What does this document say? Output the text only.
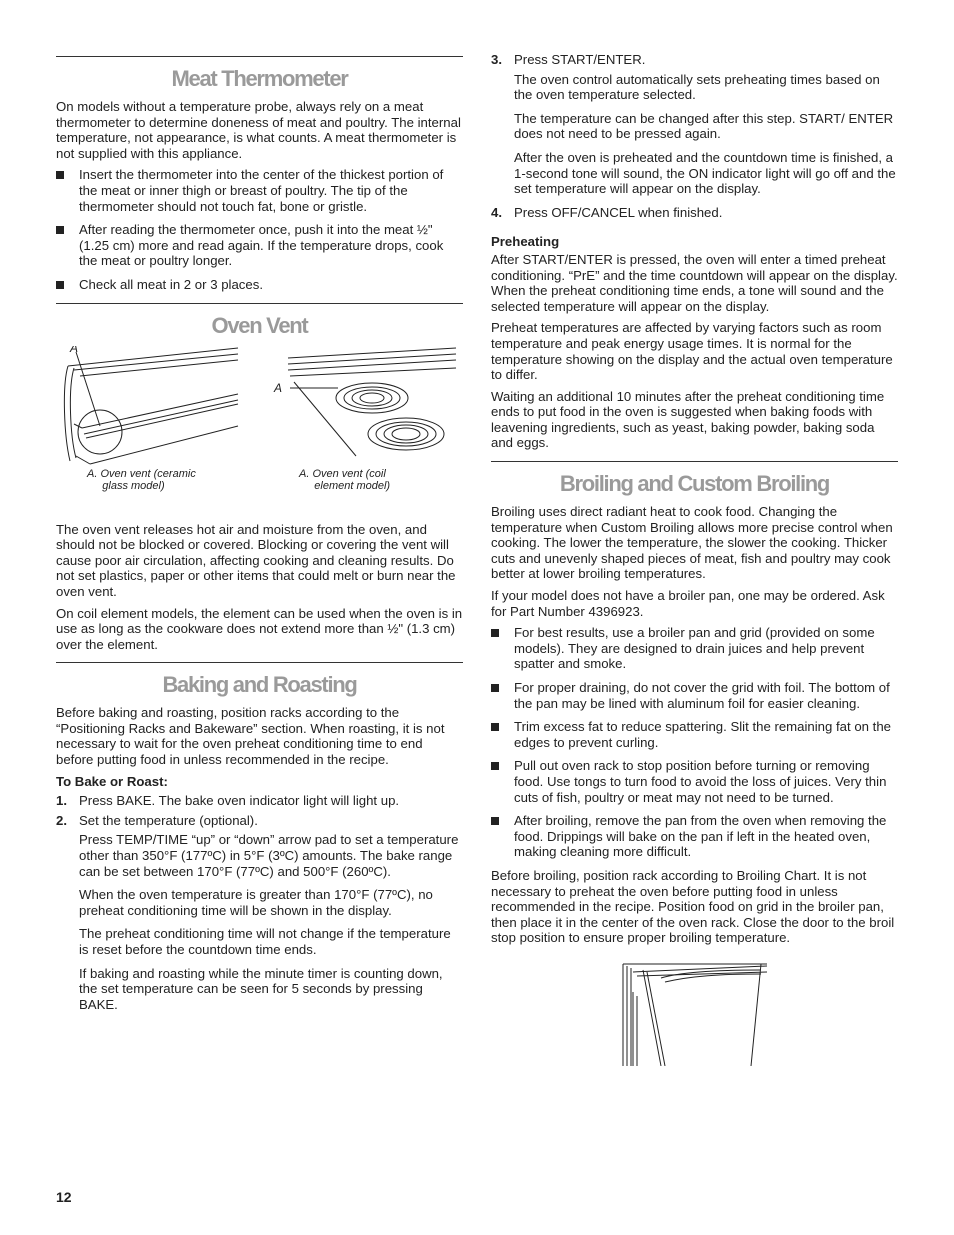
Meat Thermometer

On models without a temperature probe, always rely on a meat thermometer to determine doneness of meat and poultry. The internal temperature, not appearance, is what counts. A meat thermometer is not supplied with this appliance.

Insert the thermometer into the center of the thickest portion of the meat or inner thigh or breast of poultry. The tip of the thermometer should not touch fat, bone or gristle.
After reading the thermometer once, push it into the meat ½" (1.25 cm) more and read again. If the temperature drops, cook the meat or poultry longer.
Check all meat in 2 or 3 places.
Oven Vent
A
A
A. Oven vent (ceramic
glass model)
A. Oven vent (coil
element model)

The oven vent releases hot air and moisture from the oven, and should not be blocked or covered. Blocking or covering the vent will cause poor air circulation, affecting cooking and cleaning results. Do not set plastics, paper or other items that could melt or burn near the oven vent.

On coil element models, the element can be used when the oven is in use as long as the cookware does not extend more than ½" (1.3 cm) over the element.

Baking and Roasting

Before baking and roasting, position racks according to the “Positioning Racks and Bakeware” section. When roasting, it is not necessary to wait for the oven preheat conditioning time to end before putting food in unless recommended in the recipe.

To Bake or Roast:

1. Press BAKE. The bake oven indicator light will light up.
2. Set the temperature (optional).

Press TEMP/TIME “up” or “down” arrow pad to set a temperature other than 350°F (177ºC) in 5°F (3ºC) amounts. The bake range can be set between 170°F (77ºC) and 500°F (260ºC).

When the oven temperature is greater than 170°F (77ºC), no preheat conditioning time will be shown in the display.

The preheat conditioning time will not change if the temperature is reset before the countdown time ends.

If baking and roasting while the minute timer is counting down, the set temperature can be seen for 5 seconds by pressing BAKE.

3. Press START/ENTER.

The oven control automatically sets preheating times based on the oven temperature selected.

The temperature can be changed after this step. START/ ENTER does not need to be pressed again.

After the oven is preheated and the countdown time is finished, a 1-second tone will sound, the ON indicator light will go off and the set temperature will appear on the display.

4. Press OFF/CANCEL when finished.

Preheating

After START/ENTER is pressed, the oven will enter a timed preheat conditioning. “PrE” and the time countdown will appear on the display. When the preheat conditioning time ends, a tone will sound and the selected temperature will appear on the display.

Preheat temperatures are affected by varying factors such as room temperature and peak energy usage times. It is normal for the temperature showing on the display and the actual oven temperature to differ.

Waiting an additional 10 minutes after the preheat conditioning time ends to put food in the oven is suggested when baking foods with leavening ingredients, such as yeast, baking powder, baking soda and eggs.

Broiling and Custom Broiling

Broiling uses direct radiant heat to cook food. Changing the temperature when Custom Broiling allows more precise control when cooking. The lower the temperature, the slower the cooking. Thicker cuts and unevenly shaped pieces of meat, fish and poultry may cook better at lower broiling temperatures.

If your model does not have a broiler pan, one may be ordered. Ask for Part Number 4396923.

For best results, use a broiler pan and grid (provided on some models). They are designed to drain juices and help prevent spatter and smoke.
For proper draining, do not cover the grid with foil. The bottom of the pan may be lined with aluminum foil for easier cleaning.
Trim excess fat to reduce spattering. Slit the remaining fat on the edges to prevent curling.
Pull out oven rack to stop position before turning or removing food. Use tongs to turn food to avoid the loss of juices. Very thin cuts of fish, poultry or meat may not need to be turned.
After broiling, remove the pan from the oven when removing the food. Drippings will bake on the pan if left in the heated oven, making cleaning more difficult.

Before broiling, position rack according to Broiling Chart. It is not necessary to preheat the oven before putting food in unless recommended in the recipe. Position food on grid in the broiler pan, then place it in the center of the oven rack. Close the door to the broil stop position to ensure proper broiling temperature.

12
